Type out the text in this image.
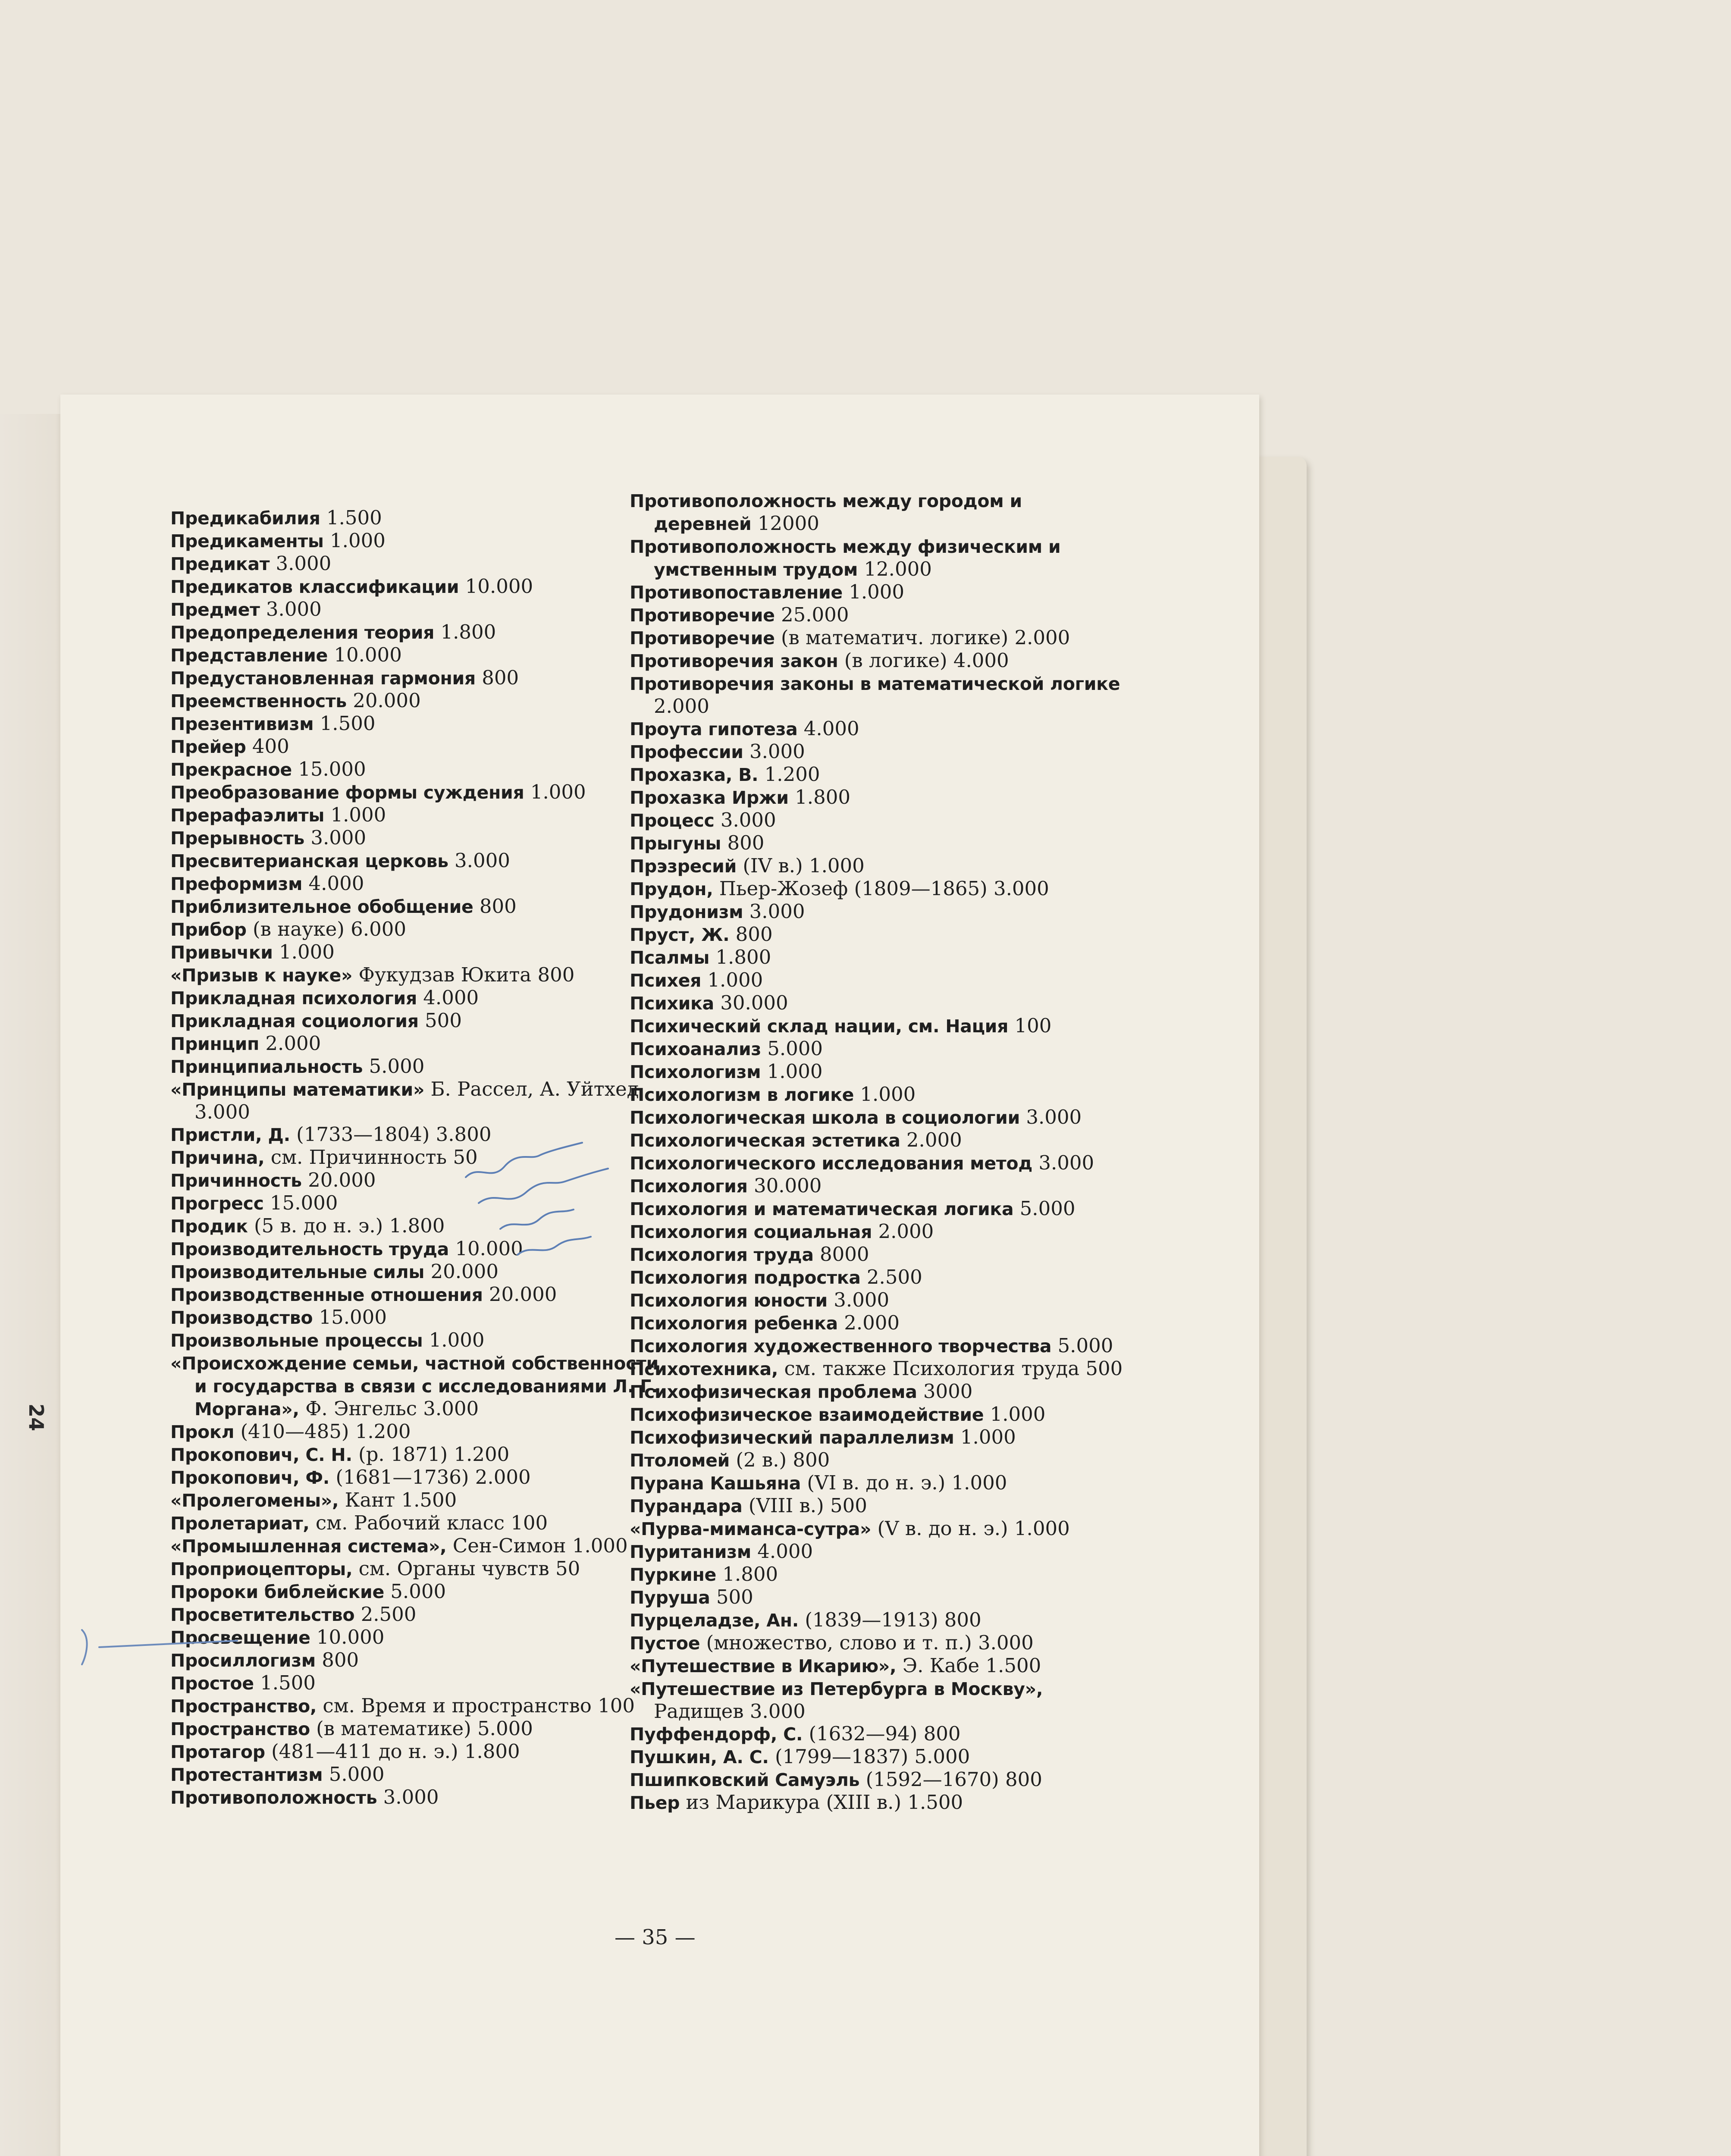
24
Предикабилия 1.500
Предикаменты 1.000
Предикат 3.000
Предикатов классификации 10.000
Предмет 3.000
Предопределения теория 1.800
Представление 10.000
Предустановленная гармония 800
Преемственность 20.000
Презентивизм 1.500
Прейер 400
Прекрасное 15.000
Преобразование формы суждения 1.000
Прерафаэлиты 1.000
Прерывность 3.000
Пресвитерианская церковь 3.000
Преформизм 4.000
Приблизительное обобщение 800
Прибор (в науке) 6.000
Привычки 1.000
«Призыв к науке» Фукудзав Юкита 800
Прикладная психология 4.000
Прикладная социология 500
Принцип 2.000
Принципиальность 5.000
«Принципы математики» Б. Рассел, А. Уйтхед 3.000
Пристли, Д. (1733—1804) 3.800
Причина, см. Причинность 50
Причинность 20.000
Прогресс 15.000
Продик (5 в. до н. э.) 1.800
Производительность труда 10.000
Производительные силы 20.000
Производственные отношения 20.000
Производство 15.000
Произвольные процессы 1.000
«Происхождение семьи, частной собственности и государства в связи с исследованиями Л. Г. Моргана», Ф. Энгельс 3.000
Прокл (410—485) 1.200
Прокопович, С. Н. (р. 1871) 1.200
Прокопович, Ф. (1681—1736) 2.000
«Пролегомены», Кант 1.500
Пролетариат, см. Рабочий класс 100
«Промышленная система», Сен-Симон 1.000
Проприоцепторы, см. Органы чувств 50
Пророки библейские 5.000
Просветительство 2.500
Просвещение 10.000
Просиллогизм 800
Простое 1.500
Пространство, см. Время и пространство 100
Пространство (в математике) 5.000
Протагор (481—411 до н. э.) 1.800
Протестантизм 5.000
Противоположность 3.000
Противоположность между городом и деревней 12000
Противоположность между физическим и умственным трудом 12.000
Противопоставление 1.000
Противоречие 25.000
Противоречие (в математич. логике) 2.000
Противоречия закон (в логике) 4.000
Противоречия законы в математической логике 2.000
Проута гипотеза 4.000
Профессии 3.000
Прохазка, В. 1.200
Прохазка Иржи 1.800
Процесс 3.000
Прыгуны 800
Прэзресий (IV в.) 1.000
Прудон, Пьер-Жозеф (1809—1865) 3.000
Прудонизм 3.000
Пруст, Ж. 800
Псалмы 1.800
Психея 1.000
Психика 30.000
Психический склад нации, см. Нация 100
Психоанализ 5.000
Психологизм 1.000
Психологизм в логике 1.000
Психологическая школа в социологии 3.000
Психологическая эстетика 2.000
Психологического исследования метод 3.000
Психология 30.000
Психология и математическая логика 5.000
Психология социальная 2.000
Психология труда 8000
Психология подростка 2.500
Психология юности 3.000
Психология ребенка 2.000
Психология художественного творчества 5.000
Психотехника, см. также Психология труда 500
Психофизическая проблема 3000
Психофизическое взаимодействие 1.000
Психофизический параллелизм 1.000
Птоломей (2 в.) 800
Пурана Кашьяна (VI в. до н. э.) 1.000
Пурандара (VIII в.) 500
«Пурва-миманса-сутра» (V в. до н. э.) 1.000
Пуританизм 4.000
Пуркине 1.800
Пуруша 500
Пурцеладзе, Ан. (1839—1913) 800
Пустое (множество, слово и т. п.) 3.000
«Путешествие в Икарию», Э. Кабе 1.500
«Путешествие из Петербурга в Москву», Радищев 3.000
Пуффендорф, С. (1632—94) 800
Пушкин, А. С. (1799—1837) 5.000
Пшипковский Самуэль (1592—1670) 800
Пьер из Марикура (XIII в.) 1.500
— 35 —
